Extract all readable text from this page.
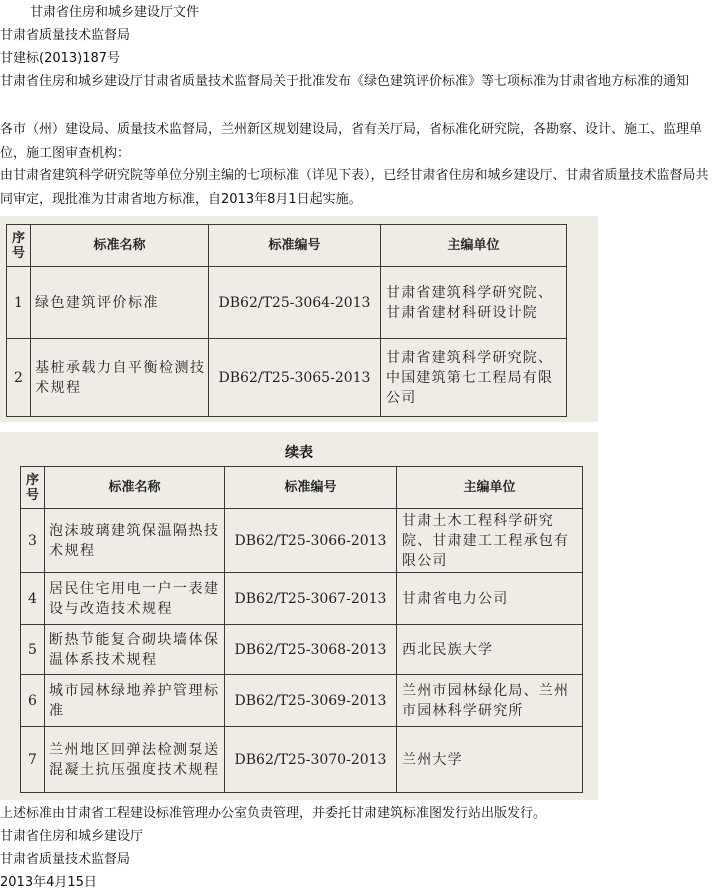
甘肃省住房和城乡建设厅文件
甘肃省质量技术监督局
甘建标(2013)187号
甘肃省住房和城乡建设厅甘肃省质量技术监督局关于批准发布《绿色建筑评价标准》等七项标准为甘肃省地方标准的通知
各市（州）建设局、质量技术监督局，兰州新区规划建设局，省有关厅局，省标准化研究院，各勘察、设计、施工、监理单位，施工图审查机构：
由甘肃省建筑科学研究院等单位分别主编的七项标准（详见下表），已经甘肃省住房和城乡建设厅、甘肃省质量技术监督局共同审定，现批准为甘肃省地方标准，自2013年8月1日起实施。
序号	标准名称	标准编号	主编单位
1	绿色建筑评价标准	DB62/T25-3064-2013	甘肃省建筑科学研究院、甘肃省建材科研设计院
2	基桩承载力自平衡检测技术规程	DB62/T25-3065-2013	甘肃省建筑科学研究院、中国建筑第七工程局有限公司
续表
序号	标准名称	标准编号	主编单位
3	泡沫玻璃建筑保温隔热技术规程	DB62/T25-3066-2013	甘肃土木工程科学研究院、甘肃建工工程承包有限公司
4	居民住宅用电一户一表建设与改造技术规程	DB62/T25-3067-2013	甘肃省电力公司
5	断热节能复合砌块墙体保温体系技术规程	DB62/T25-3068-2013	西北民族大学
6	城市园林绿地养护管理标准	DB62/T25-3069-2013	兰州市园林绿化局、兰州市园林科学研究所
7	兰州地区回弹法检测泵送混凝土抗压强度技术规程	DB62/T25-3070-2013	兰州大学
上述标准由甘肃省工程建设标准管理办公室负责管理，并委托甘肃建筑标准图发行站出版发行。
甘肃省住房和城乡建设厅
甘肃省质量技术监督局
2013年4月15日
